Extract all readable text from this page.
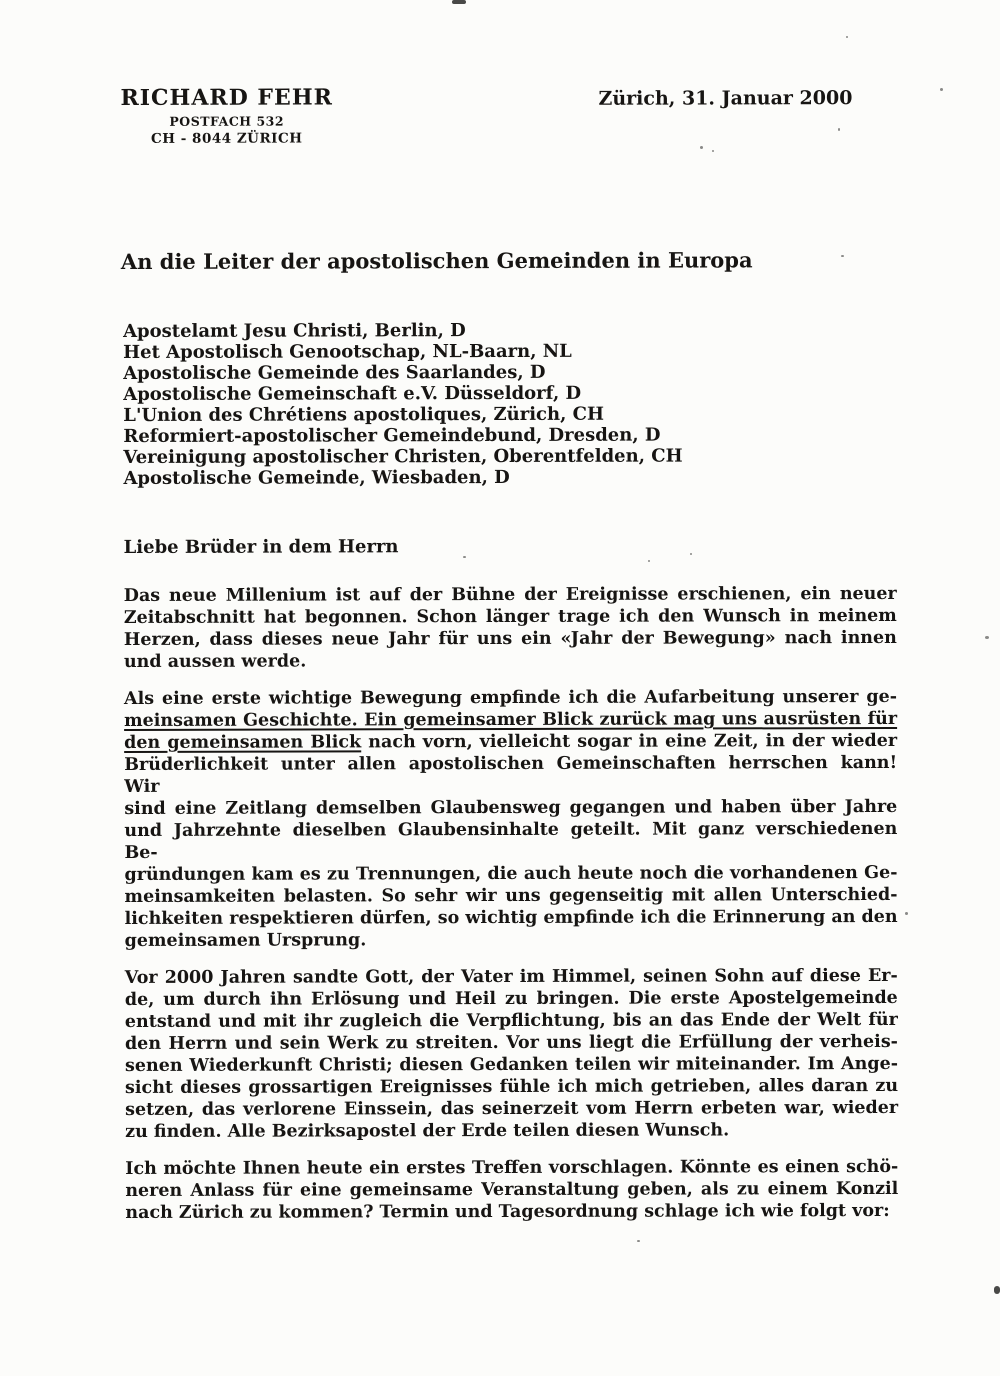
RICHARD FEHR
POSTFACH 532
CH - 8044 ZÜRICH
Zürich, 31. Januar 2000
An die Leiter der apostolischen Gemeinden in Europa
Apostelamt Jesu Christi, Berlin, D
Het Apostolisch Genootschap, NL-Baarn, NL
Apostolische Gemeinde des Saarlandes, D
Apostolische Gemeinschaft e.V. Düsseldorf, D
L'Union des Chrétiens apostoliques, Zürich, CH
Reformiert-apostolischer Gemeindebund, Dresden, D
Vereinigung apostolischer Christen, Oberentfelden, CH
Apostolische Gemeinde, Wiesbaden, D
Liebe Brüder in dem Herrn
Das neue Millenium ist auf der Bühne der Ereignisse erschienen, ein neuer
Zeitabschnitt hat begonnen. Schon länger trage ich den Wunsch in meinem
Herzen, dass dieses neue Jahr für uns ein «Jahr der Bewegung» nach innen
und aussen werde.
Als eine erste wichtige Bewegung empfinde ich die Aufarbeitung unserer ge-
meinsamen Geschichte. Ein gemeinsamer Blick zurück mag uns ausrüsten für
den gemeinsamen Blick nach vorn, vielleicht sogar in eine Zeit, in der wieder
Brüderlichkeit unter allen apostolischen Gemeinschaften herrschen kann! Wir
sind eine Zeitlang demselben Glaubensweg gegangen und haben über Jahre
und Jahrzehnte dieselben Glaubensinhalte geteilt. Mit ganz verschiedenen Be-
gründungen kam es zu Trennungen, die auch heute noch die vorhandenen Ge-
meinsamkeiten belasten. So sehr wir uns gegenseitig mit allen Unterschied-
lichkeiten respektieren dürfen, so wichtig empfinde ich die Erinnerung an den
gemeinsamen Ursprung.
Vor 2000 Jahren sandte Gott, der Vater im Himmel, seinen Sohn auf diese Er-
de, um durch ihn Erlösung und Heil zu bringen. Die erste Apostelgemeinde
entstand und mit ihr zugleich die Verpflichtung, bis an das Ende der Welt für
den Herrn und sein Werk zu streiten. Vor uns liegt die Erfüllung der verheis-
senen Wiederkunft Christi; diesen Gedanken teilen wir miteinander. Im Ange-
sicht dieses grossartigen Ereignisses fühle ich mich getrieben, alles daran zu
setzen, das verlorene Einssein, das seinerzeit vom Herrn erbeten war, wieder
zu finden. Alle Bezirksapostel der Erde teilen diesen Wunsch.
Ich möchte Ihnen heute ein erstes Treffen vorschlagen. Könnte es einen schö-
neren Anlass für eine gemeinsame Veranstaltung geben, als zu einem Konzil
nach Zürich zu kommen? Termin und Tagesordnung schlage ich wie folgt vor:
